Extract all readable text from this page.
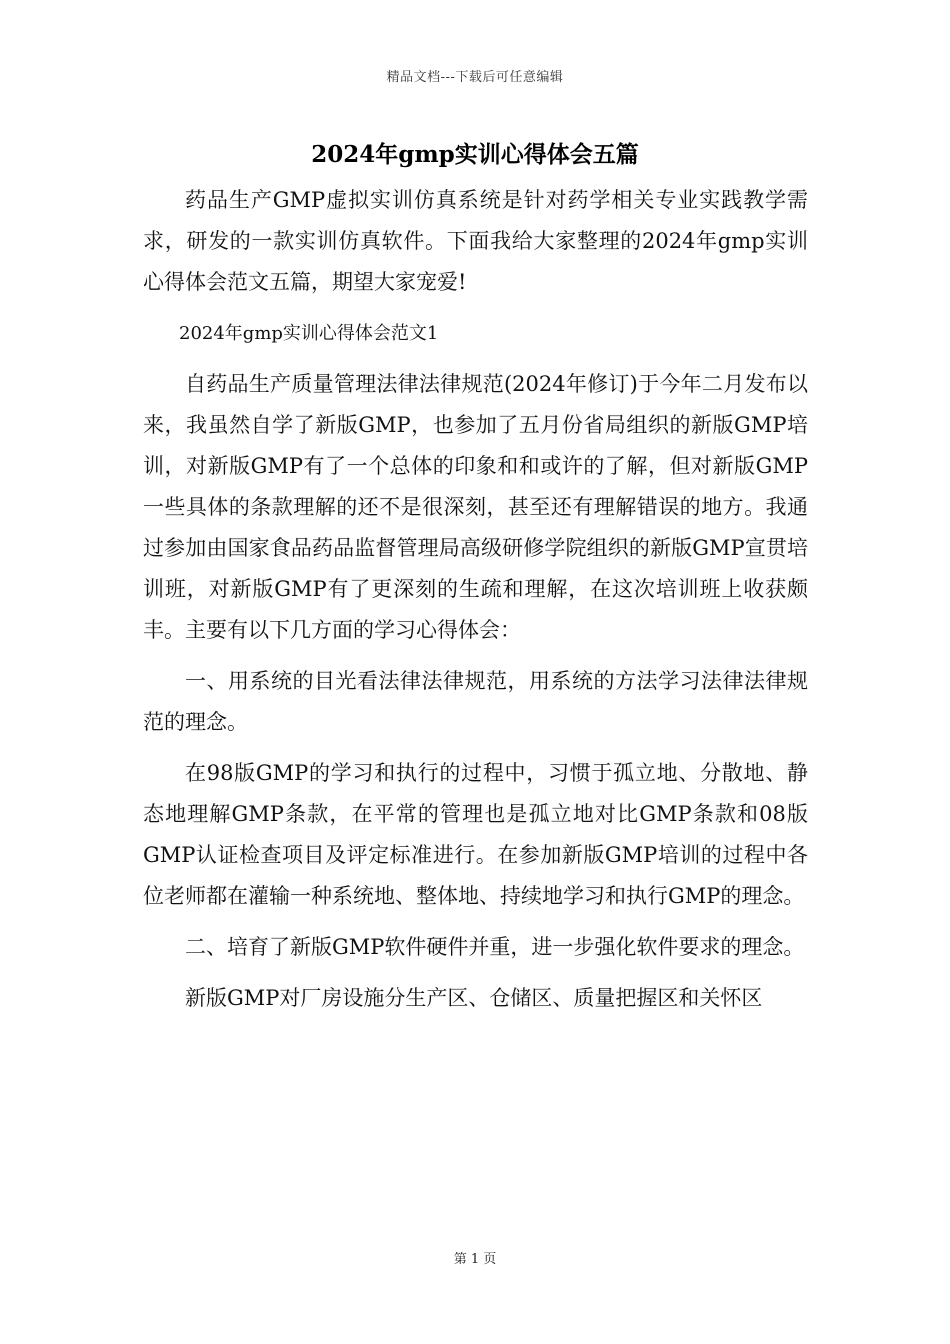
精品文档---下载后可任意编辑
2024年gmp实训心得体会五篇

药品生产GMP虚拟实训仿真系统是针对药学相关专业实践教学需求，研发的一款实训仿真软件。下面我给大家整理的2024年gmp实训心得体会范文五篇，期望大家宠爱!

2024年gmp实训心得体会范文1

自药品生产质量管理法律法律规范(2024年修订)于今年二月发布以来，我虽然自学了新版GMP，也参加了五月份省局组织的新版GMP培训，对新版GMP有了一个总体的印象和和或许的了解，但对新版GMP一些具体的条款理解的还不是很深刻，甚至还有理解错误的地方。我通过参加由国家食品药品监督管理局高级研修学院组织的新版GMP宣贯培训班，对新版GMP有了更深刻的生疏和理解，在这次培训班上收获颇丰。主要有以下几方面的学习心得体会：

一、用系统的目光看法律法律规范，用系统的方法学习法律法律规范的理念。

在98版GMP的学习和执行的过程中，习惯于孤立地、分散地、静态地理解GMP条款，在平常的管理也是孤立地对比GMP条款和08版GMP认证检查项目及评定标准进行。在参加新版GMP培训的过程中各位老师都在灌输一种系统地、整体地、持续地学习和执行GMP的理念。

二、培育了新版GMP软件硬件并重，进一步强化软件要求的理念。

新版GMP对厂房设施分生产区、仓储区、质量把握区和关怀区

第 1 页
